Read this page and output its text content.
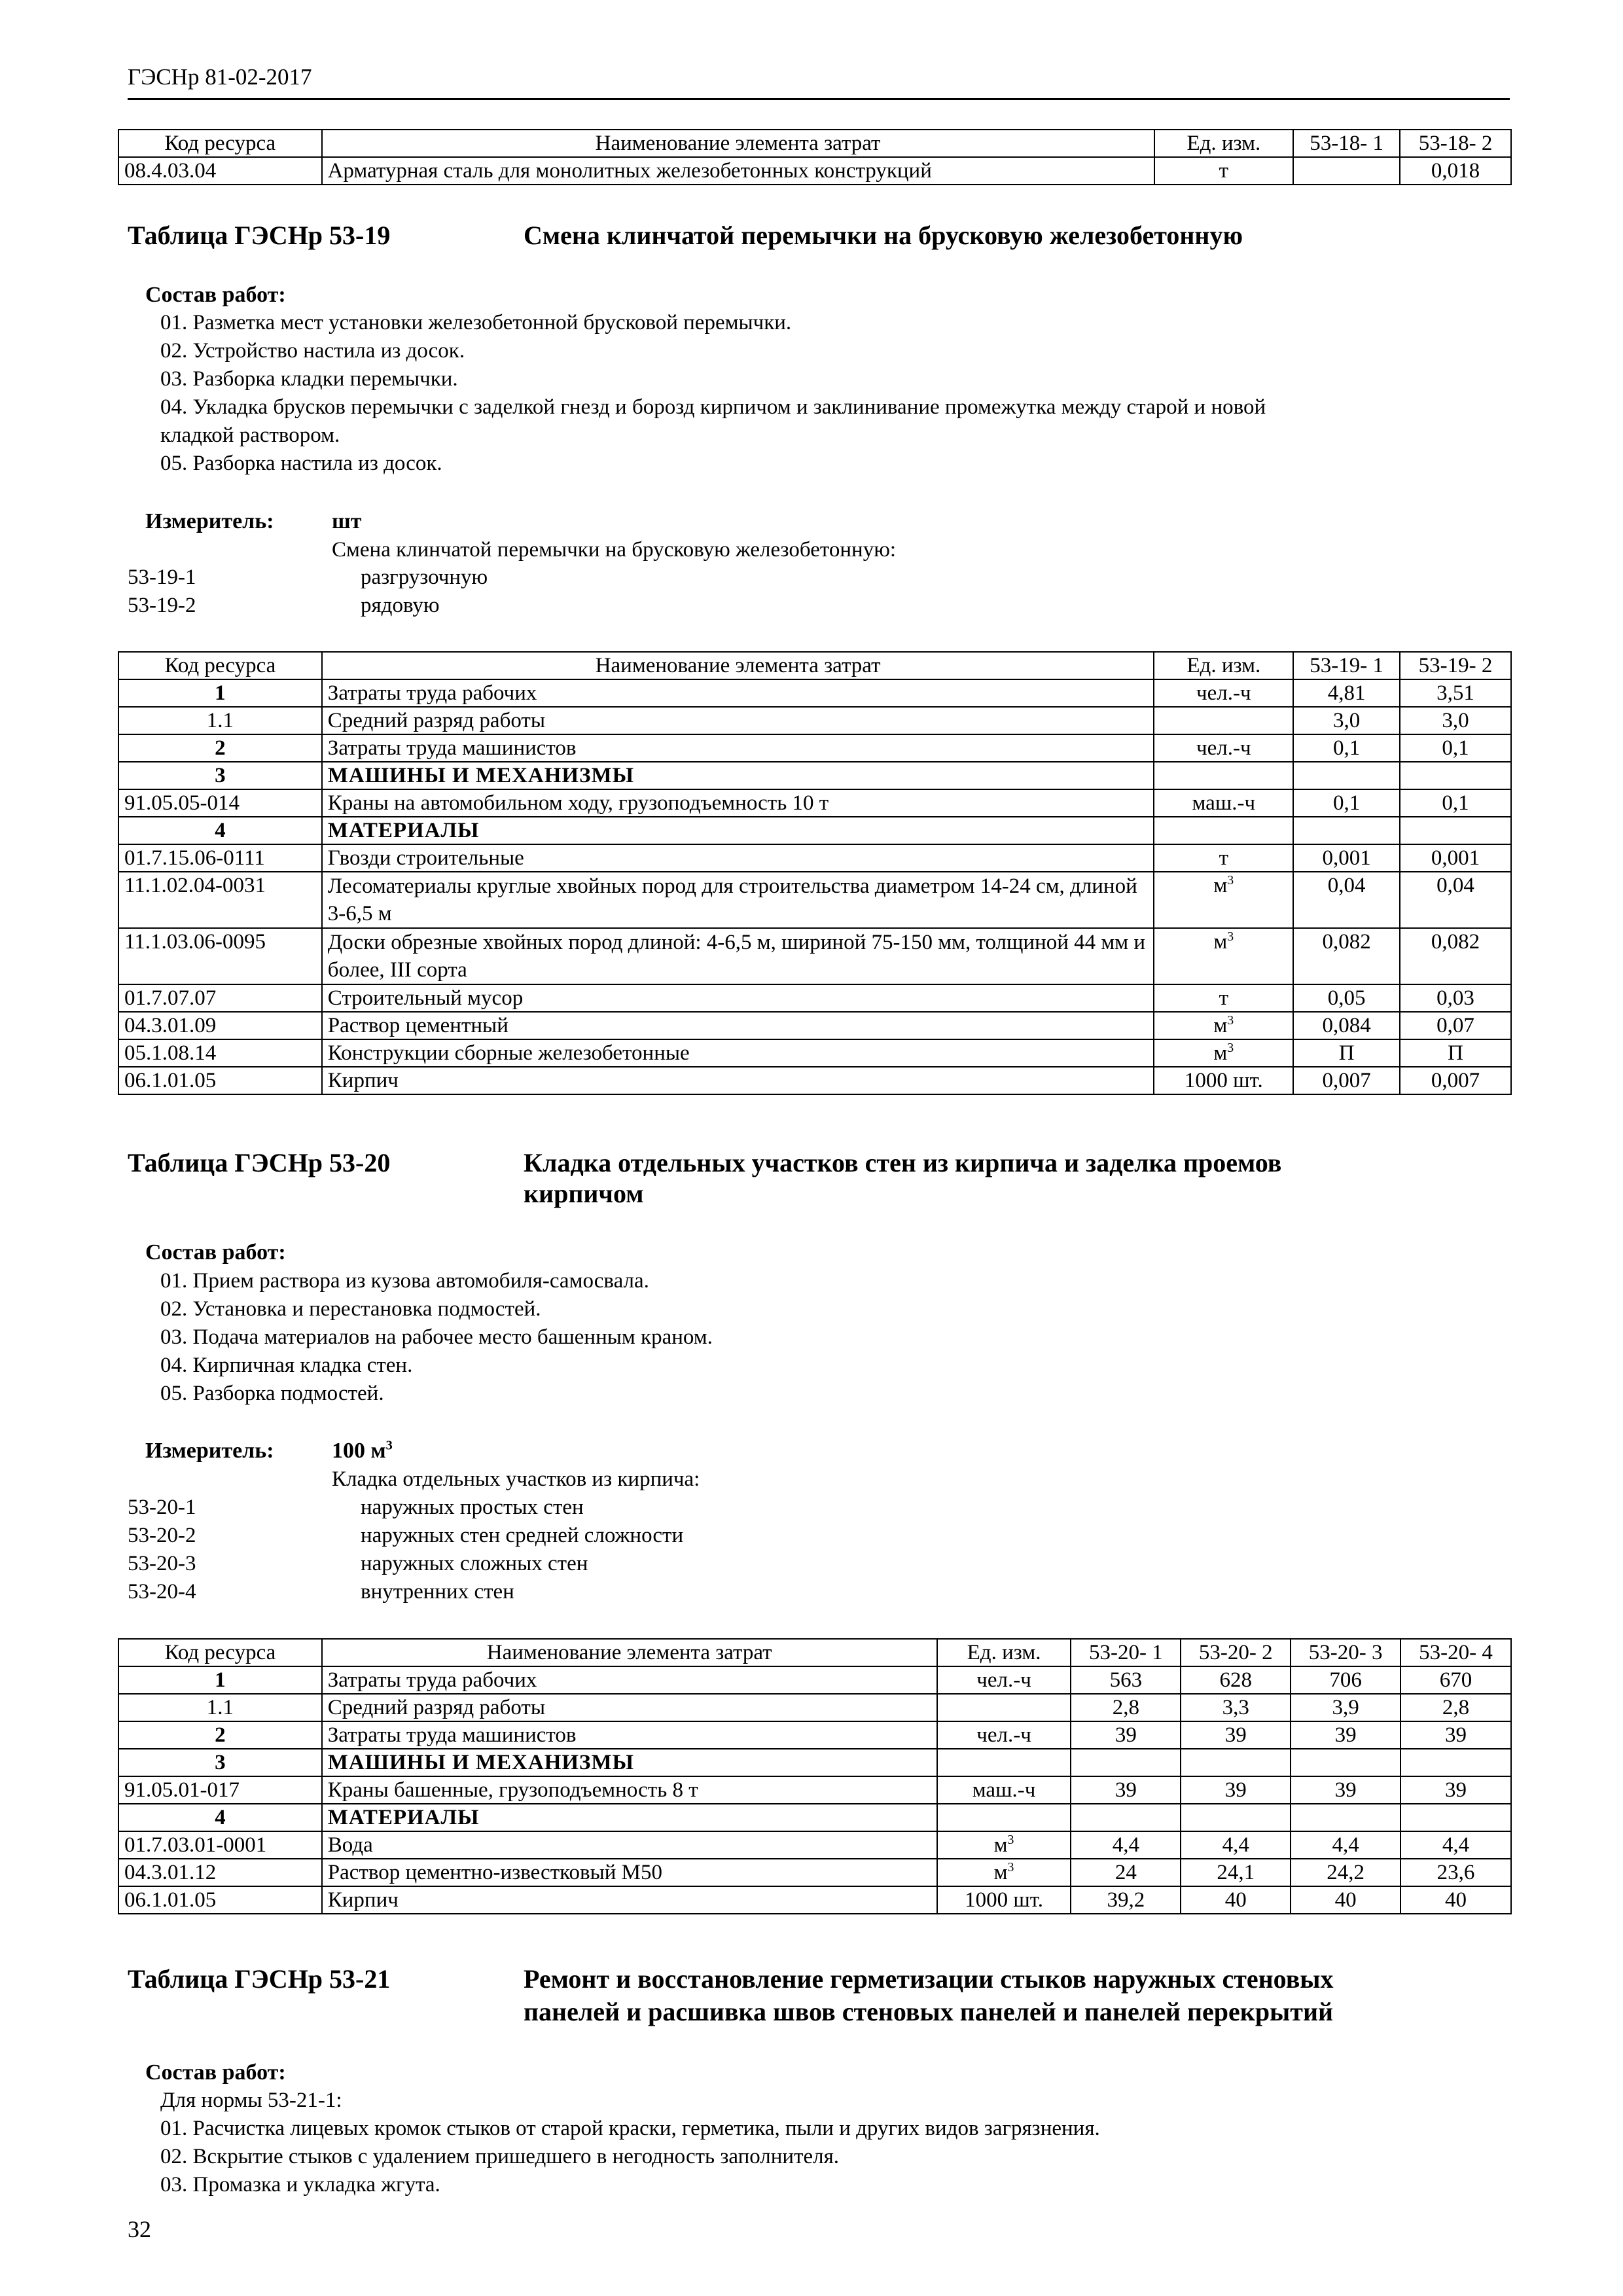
ГЭСНр 81-02-2017
Код ресурса	Наименование элемента затрат	Ед. изм.	53-18- 1	53-18- 2
08.4.03.04	Арматурная сталь для монолитных железобетонных конструкций	т		0,018
Таблица ГЭСНр 53-19	Смена клинчатой перемычки на брусковую железобетонную
Состав работ:
01. Разметка мест установки железобетонной брусковой перемычки.
02. Устройство настила из досок.
03. Разборка кладки перемычки.
04. Укладка брусков перемычки с заделкой гнезд и борозд кирпичом и заклинивание промежутка между старой и новой
кладкой раствором.
05. Разборка настила из досок.
Измеритель:	шт
Смена клинчатой перемычки на брусковую железобетонную:
53-19-1	разгрузочную
53-19-2	рядовую
Код ресурса	Наименование элемента затрат	Ед. изм.	53-19- 1	53-19- 2
1	Затраты труда рабочих	чел.-ч	4,81	3,51
1.1	Средний разряд работы		3,0	3,0
2	Затраты труда машинистов	чел.-ч	0,1	0,1
3	МАШИНЫ И МЕХАНИЗМЫ			
91.05.05-014	Краны на автомобильном ходу, грузоподъемность 10 т	маш.-ч	0,1	0,1
4	МАТЕРИАЛЫ			
01.7.15.06-0111	Гвозди строительные	т	0,001	0,001
11.1.02.04-0031	Лесоматериалы круглые хвойных пород для строительства диаметром 14-24 см, длиной 3-6,5 м	$м^3$	0,04	0,04
11.1.03.06-0095	Доски обрезные хвойных пород длиной: 4-6,5 м, шириной 75-150 мм, толщиной 44 мм и более, III сорта	$м^3$	0,082	0,082
01.7.07.07	Строительный мусор	т	0,05	0,03
04.3.01.09	Раствор цементный	$м^3$	0,084	0,07
05.1.08.14	Конструкции сборные железобетонные	$м^3$	П	П
06.1.01.05	Кирпич	1000 шт.	0,007	0,007
Таблица ГЭСНр 53-20	Кладка отдельных участков стен из кирпича и заделка проемов
кирпичом
Состав работ:
01. Прием раствора из кузова автомобиля-самосвала.
02. Установка и перестановка подмостей.
03. Подача материалов на рабочее место башенным краном.
04. Кирпичная кладка стен.
05. Разборка подмостей.
Измеритель:	100 $м^3$
Кладка отдельных участков из кирпича:
53-20-1	наружных простых стен
53-20-2	наружных стен средней сложности
53-20-3	наружных сложных стен
53-20-4	внутренних стен
Код ресурса	Наименование элемента затрат	Ед. изм.	53-20- 1	53-20- 2	53-20- 3	53-20- 4
1	Затраты труда рабочих	чел.-ч	563	628	706	670
1.1	Средний разряд работы		2,8	3,3	3,9	2,8
2	Затраты труда машинистов	чел.-ч	39	39	39	39
3	МАШИНЫ И МЕХАНИЗМЫ					
91.05.01-017	Краны башенные, грузоподъемность 8 т	маш.-ч	39	39	39	39
4	МАТЕРИАЛЫ					
01.7.03.01-0001	Вода	$м^3$	4,4	4,4	4,4	4,4
04.3.01.12	Раствор цементно-известковый М50	$м^3$	24	24,1	24,2	23,6
06.1.01.05	Кирпич	1000 шт.	39,2	40	40	40
Таблица ГЭСНр 53-21	Ремонт и восстановление герметизации стыков наружных стеновых
панелей и расшивка швов стеновых панелей и панелей перекрытий
Состав работ:
Для нормы 53-21-1:
01. Расчистка лицевых кромок стыков от старой краски, герметика, пыли и других видов загрязнения.
02. Вскрытие стыков с удалением пришедшего в негодность заполнителя.
03. Промазка и укладка жгута.
32
